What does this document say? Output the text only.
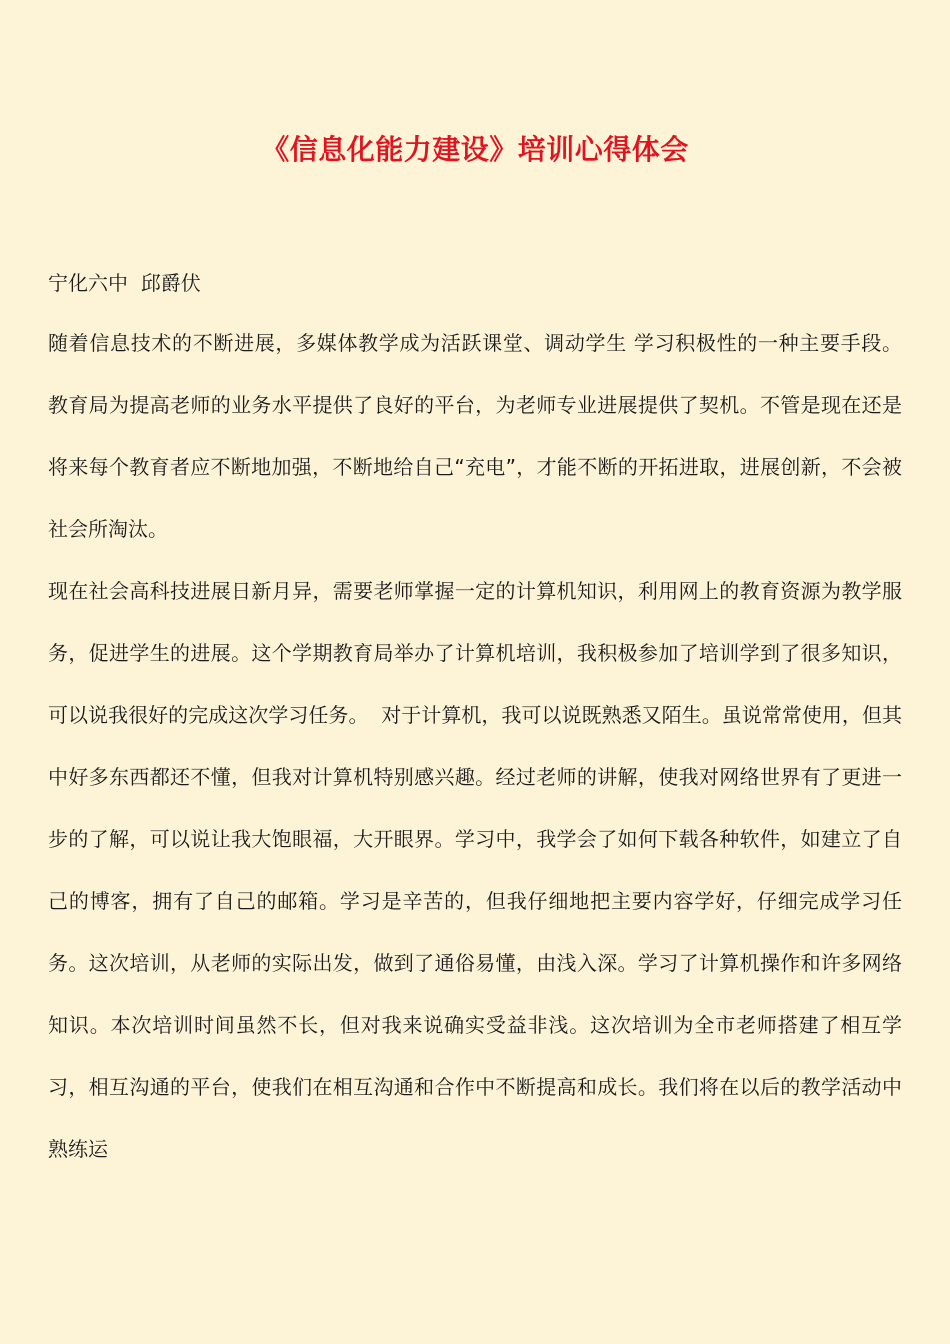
《信息化能力建设》培训心得体会

宁化六中  邱爵伏

随着信息技术的不断进展，多媒体教学成为活跃课堂、调动学生 学习积极性的一种主要手段。  教育局为提高老师的业务水平提供了良好的平台，为老师专业进展提供了契机。不管是现在还是将来每个教育者应不断地加强，不断地给自己“充电”，才能不断的开拓进取，进展创新，不会被社会所淘汰。

现在社会高科技进展日新月异，需要老师掌握一定的计算机知识，利用网上的教育资源为教学服务，促进学生的进展。这个学期教育局举办了计算机培训，我积极参加了培训学到了很多知识，可以说我很好的完成这次学习任务。  对于计算机，我可以说既熟悉又陌生。虽说常常使用，但其中好多东西都还不懂，但我对计算机特别感兴趣。经过老师的讲解，使我对网络世界有了更进一步的了解，可以说让我大饱眼福，大开眼界。学习中，我学会了如何下载各种软件，如建立了自己的博客，拥有了自己的邮箱。学习是辛苦的，但我仔细地把主要内容学好，仔细完成学习任务。这次培训，从老师的实际出发，做到了通俗易懂，由浅入深。学习了计算机操作和许多网络知识。本次培训时间虽然不长，但对我来说确实受益非浅。这次培训为全市老师搭建了相互学习，相互沟通的平台，使我们在相互沟通和合作中不断提高和成长。我们将在以后的教学活动中熟练运
